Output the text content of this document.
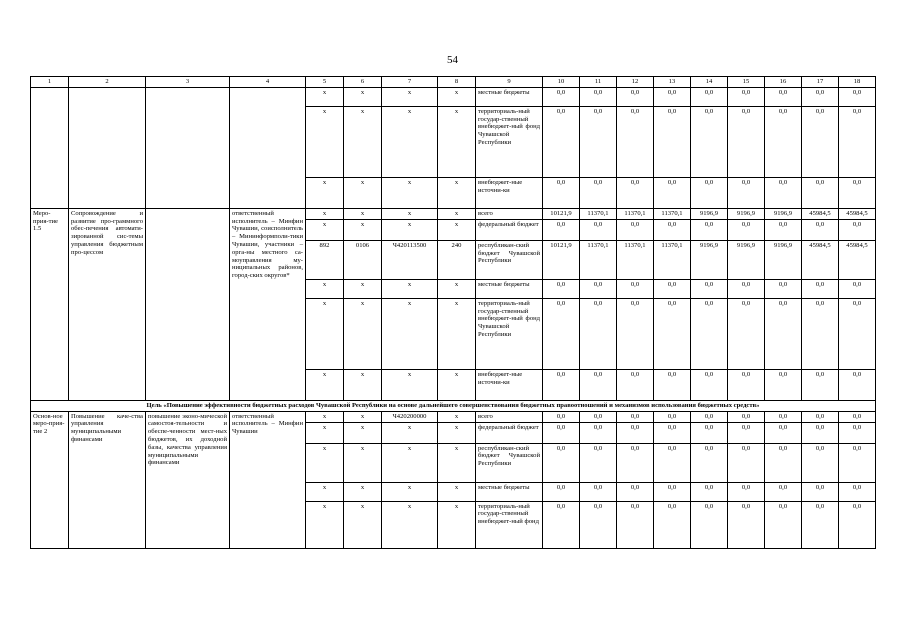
54
1	2	3	4	5	6	7	8	9	10	11	12	13	14	15	16	17	18
				х	х	х	х	местные бюджеты	0,0	0,0	0,0	0,0	0,0	0,0	0,0	0,0	0,0
				х	х	х	х	территориаль-ный государ-ственный внебюджет-ный фонд Чувашской Республики	0,0	0,0	0,0	0,0	0,0	0,0	0,0	0,0	0,0
				х	х	х	х	внебюджет-ные источни-ки	0,0	0,0	0,0	0,0	0,0	0,0	0,0	0,0	0,0
Меро-прия-тие 1.5	Сопровождение и развитие про-граммного обес-печения автомати-зированной сис-темы управления бюджетным про-цессом		ответственный исполнитель – Минфин Чувашии, соисполнитель – Мининформполи-тики Чувашии, участники – орга-ны местного са-моуправления му-ниципальных районов, город-ских округов*	х	х	х	х	всего	10121,9	11370,1	11370,1	11370,1	9196,9	9196,9	9196,9	45984,5	45984,5
				х	х	х	х	федеральный бюджет	0,0	0,0	0,0	0,0	0,0	0,0	0,0	0,0	0,0
				892	0106	Ч420113500	240	республикан-ский бюджет Чувашской Республики	10121,9	11370,1	11370,1	11370,1	9196,9	9196,9	9196,9	45984,5	45984,5
				х	х	х	х	местные бюджеты	0,0	0,0	0,0	0,0	0,0	0,0	0,0	0,0	0,0
				х	х	х	х	территориаль-ный государ-ственный внебюджет-ный фонд Чувашской Республики	0,0	0,0	0,0	0,0	0,0	0,0	0,0	0,0	0,0
				х	х	х	х	внебюджет-ные источни-ки	0,0	0,0	0,0	0,0	0,0	0,0	0,0	0,0	0,0
Цель «Повышение эффективности бюджетных расходов Чувашской Республики на основе дальнейшего совершенствования бюджетных правоотношений и механизмов использования бюджетных средств»																	
Основ-ное меро-прия-тие 2	Повышение каче-ства управления муниципальными финансами	повышение эконо-мической самостоя-тельности и обеспе-ченности мест-ных бюджетов, их доходной базы, качества управления муниципальными финансами	ответственный исполнитель – Минфин Чувашии	х	х	Ч420200000	х	всего	0,0	0,0	0,0	0,0	0,0	0,0	0,0	0,0	0,0
				х	х	х	х	федеральный бюджет	0,0	0,0	0,0	0,0	0,0	0,0	0,0	0,0	0,0
				х	х	х	х	республикан-ский бюджет Чувашской Республики	0,0	0,0	0,0	0,0	0,0	0,0	0,0	0,0	0,0
				х	х	х	х	местные бюджеты	0,0	0,0	0,0	0,0	0,0	0,0	0,0	0,0	0,0
				х	х	х	х	территориаль-ный государ-ственный внебюджет-ный фонд	0,0	0,0	0,0	0,0	0,0	0,0	0,0	0,0	0,0
